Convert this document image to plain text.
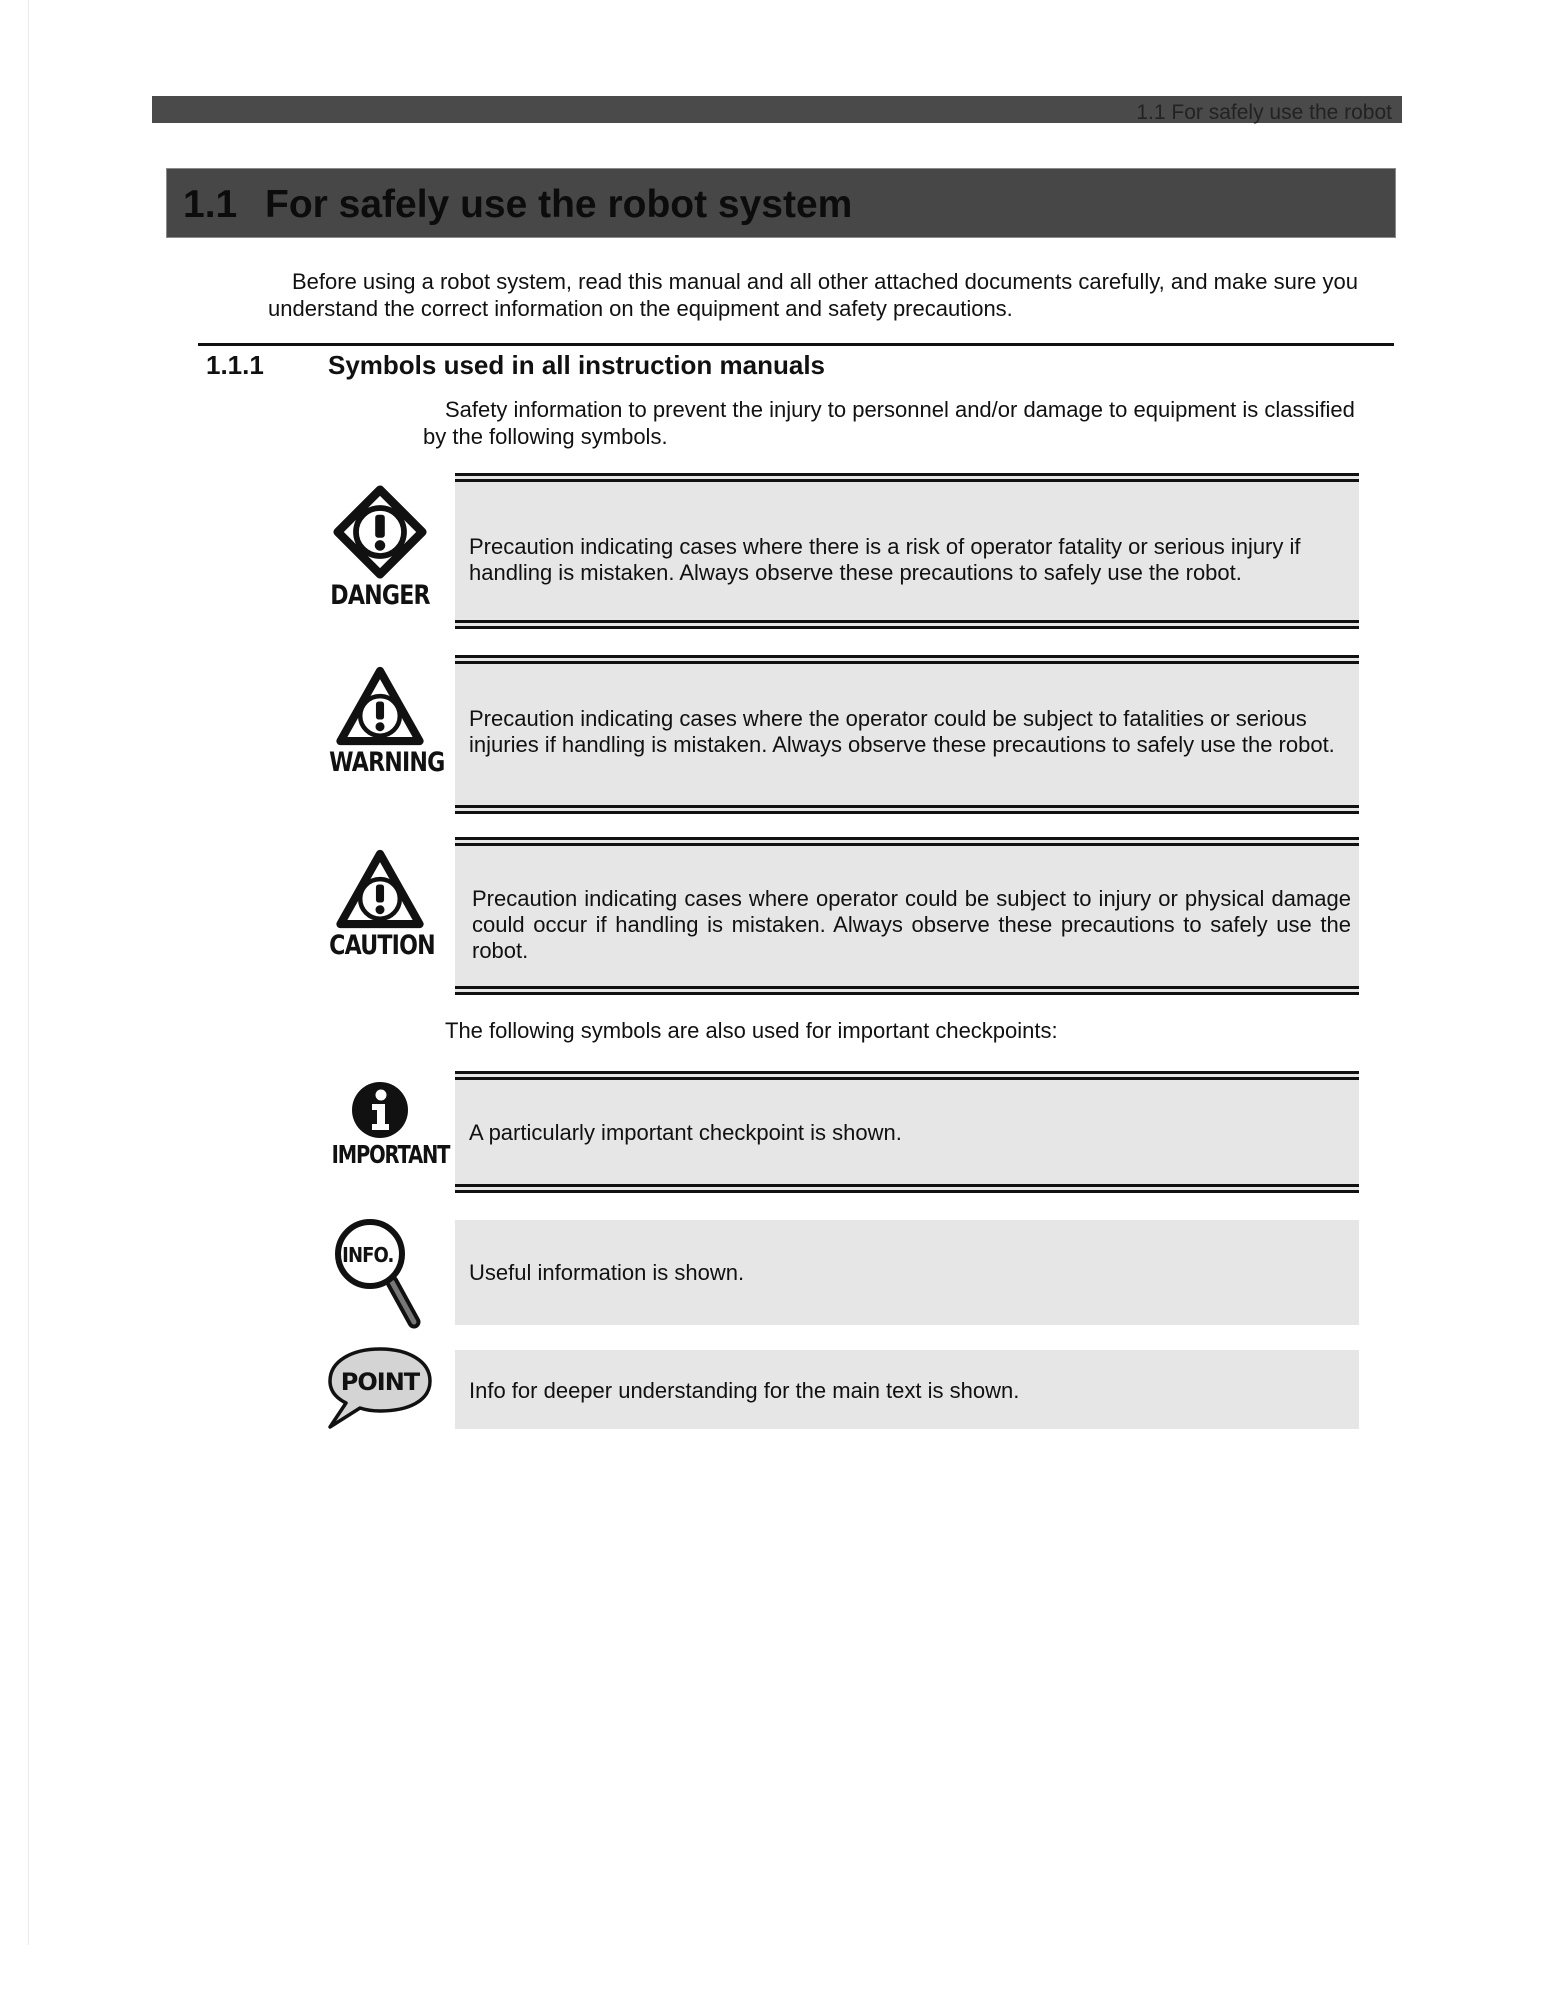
1.1 For safely use the robot
1.1 For safely use the robot system

Before using a robot system, read this manual and all other attached documents carefully, and make sure you
understand the correct information on the equipment and safety precautions.

1.1.1 Symbols used in all instruction manuals

Safety information to prevent the injury to personnel and/or damage to equipment is classified
by the following symbols.

DANGER

Precaution indicating cases where there is a risk of operator fatality or serious injury if handling is mistaken. Always observe these precautions to safely use the robot.

WARNING

Precaution indicating cases where the operator could be subject to fatalities or serious injuries if handling is mistaken. Always observe these precautions to safely use the robot.

CAUTION

Precaution indicating cases where operator could be subject to injury or physical damage could occur if handling is mistaken. Always observe these precautions to safely use the robot.

The following symbols are also used for important checkpoints:

IMPORTANT

A particularly important checkpoint is shown.

INFO.

Useful information is shown.

POINT Info for deeper understanding for the main text is shown.
